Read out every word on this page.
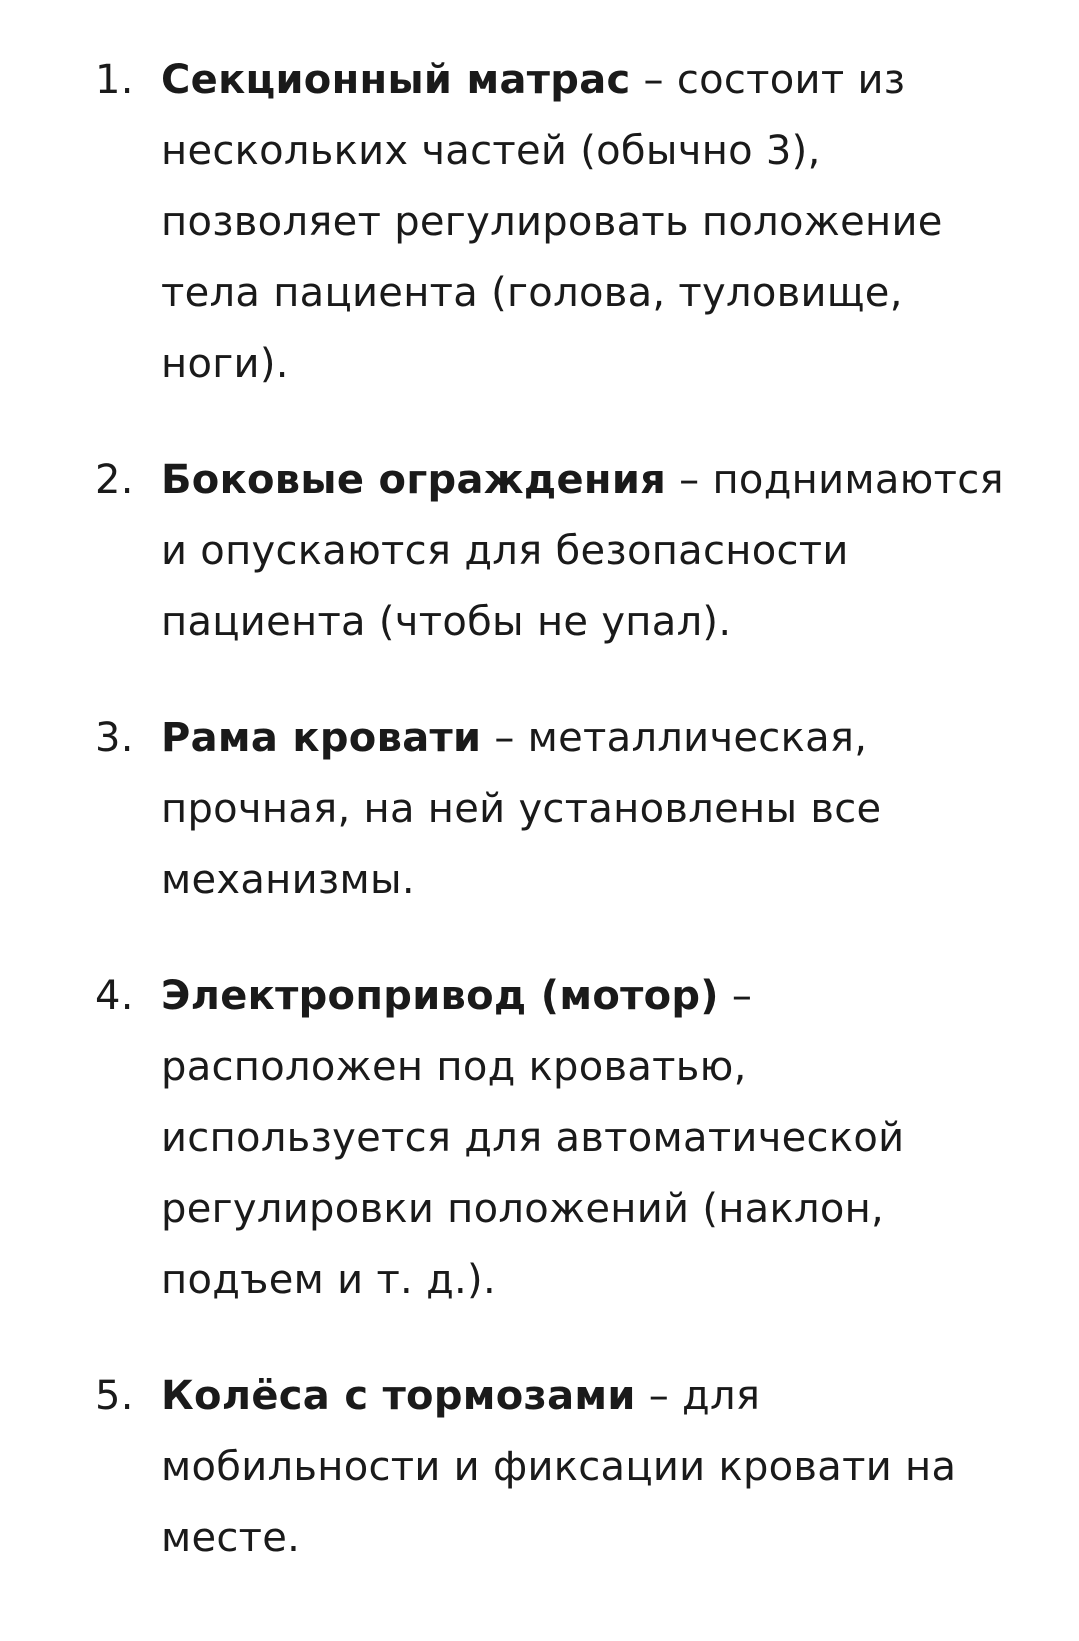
1. Секционный матрас – состоит из нескольких частей (обычно 3), позволяет регулировать положение тела пациента (голова, туловище, ноги).
2. Боковые ограждения – поднимаются и опускаются для безопасности пациента (чтобы не упал).
3. Рама кровати – металлическая, прочная, на ней установлены все механизмы.
4. Электропривод (мотор) – расположен под кроватью, используется для автоматической регулировки положений (наклон, подъем и т. д.).
5. Колёса с тормозами – для мобильности и фиксации кровати на месте.
